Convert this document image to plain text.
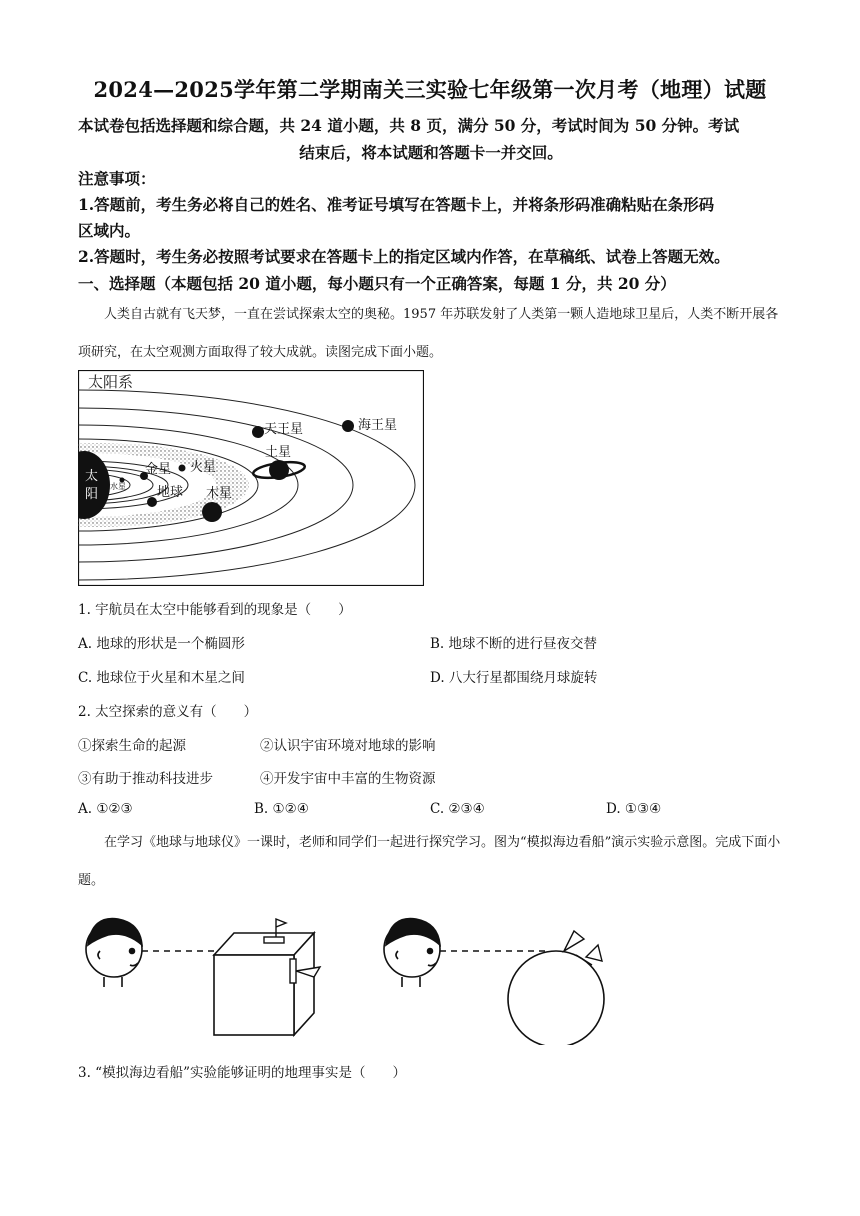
2024—2025学年第二学期南关三实验七年级第一次月考（地理）试题
本试卷包括选择题和综合题，共 24 道小题，共 8 页，满分 50 分，考试时间为 50 分钟。考试
结束后，将本试题和答题卡一并交回。
注意事项：
1.答题前，考生务必将自己的姓名、准考证号填写在答题卡上，并将条形码准确粘贴在条形码
区域内。
2.答题时，考生务必按照考试要求在答题卡上的指定区域内作答，在草稿纸、试卷上答题无效。
一、选择题（本题包括 20 道小题，每小题只有一个正确答案，每题 1 分，共 20 分）
人类自古就有飞天梦，一直在尝试探索太空的奥秘。1957 年苏联发射了人类第一颗人造地球卫星后，人类不断开展各项研究，在太空观测方面取得了较大成就。读图完成下面小题。
太阳系
太
阳
水星
金星
地球
火星
木星
土星
天王星	海王星
1. 宇航员在太空中能够看到的现象是（　　）
A. 地球的形状是一个椭圆形	B. 地球不断的进行昼夜交替
C. 地球位于火星和木星之间	D. 八大行星都围绕月球旋转
2. 太空探索的意义有（　　）
①探索生命的起源	②认识宇宙环境对地球的影响
③有助于推动科技进步	④开发宇宙中丰富的生物资源
A. ①②③	B. ①②④	C. ②③④	D. ①③④
在学习《地球与地球仪》一课时，老师和同学们一起进行探究学习。图为“模拟海边看船”演示实验示意图。完成下面小题。
3. “模拟海边看船”实验能够证明的地理事实是（　　）
